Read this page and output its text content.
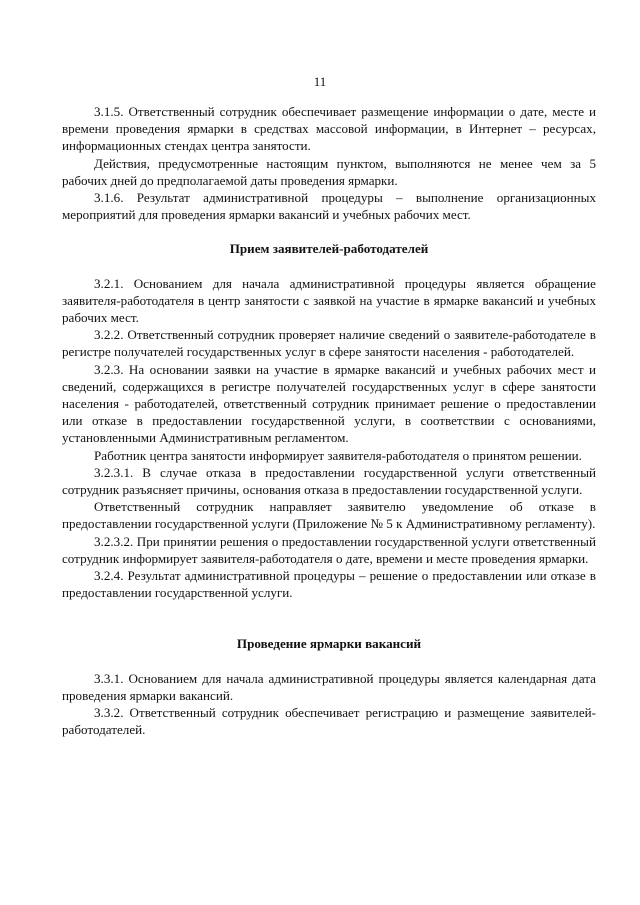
11

3.1.5. Ответственный сотрудник обеспечивает размещение информации о дате, месте и времени проведения ярмарки в средствах массовой информации, в Интернет – ресурсах, информационных стендах центра занятости.

Действия, предусмотренные настоящим пунктом, выполняются не менее чем за 5 рабочих дней до предполагаемой даты проведения ярмарки.

3.1.6. Результат административной процедуры – выполнение организационных мероприятий для проведения ярмарки вакансий и учебных рабочих мест.

Прием заявителей-работодателей

3.2.1. Основанием для начала административной процедуры является обращение заявителя-работодателя в центр занятости с заявкой на участие в ярмарке вакансий и учебных рабочих мест.

3.2.2. Ответственный сотрудник проверяет наличие сведений о заявителе-работодателе в регистре получателей государственных услуг в сфере занятости населения - работодателей.

3.2.3. На основании заявки на участие в ярмарке вакансий и учебных рабочих мест и сведений, содержащихся в регистре получателей государственных услуг в сфере занятости населения - работодателей, ответственный сотрудник принимает решение о предоставлении или отказе в предоставлении государственной услуги, в соответствии с основаниями, установленными Административным регламентом.

Работник центра занятости информирует заявителя-работодателя о принятом решении.

3.2.3.1. В случае отказа в предоставлении государственной услуги ответственный сотрудник разъясняет причины, основания отказа в предоставлении государственной услуги.

Ответственный сотрудник направляет заявителю уведомление об отказе в предоставлении государственной услуги (Приложение № 5 к Административному регламенту).

3.2.3.2. При принятии решения о предоставлении государственной услуги ответственный сотрудник информирует заявителя-работодателя о дате, времени и месте проведения ярмарки.

3.2.4. Результат административной процедуры – решение о предоставлении или отказе в предоставлении государственной услуги.

Проведение ярмарки вакансий

3.3.1. Основанием для начала административной процедуры является календарная дата проведения ярмарки вакансий.

3.3.2. Ответственный сотрудник обеспечивает регистрацию и размещение заявителей-работодателей.
